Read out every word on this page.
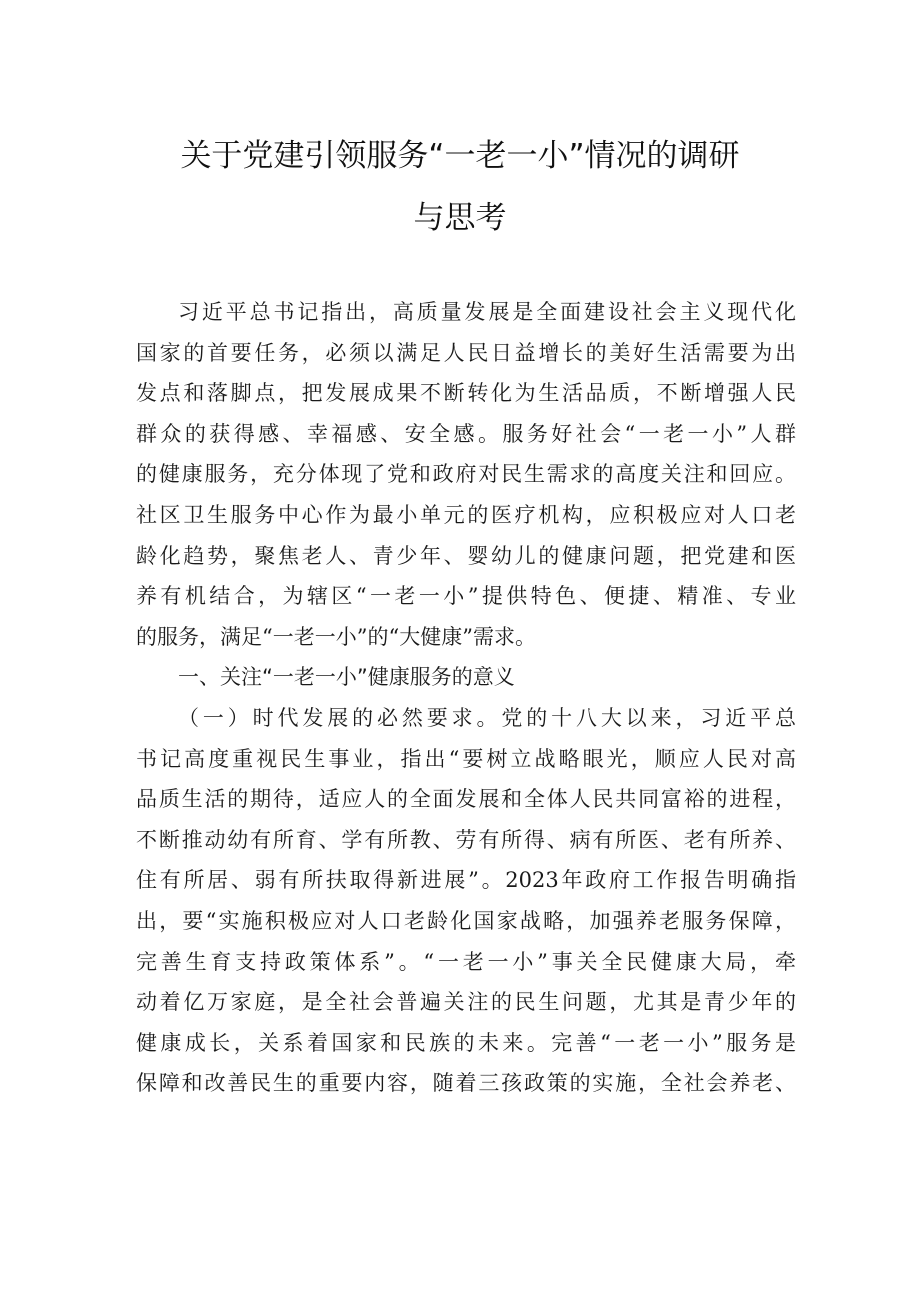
关于党建引领服务“一老一小”情况的调研
与思考
习近平总书记指出，高质量发展是全面建设社会主义现代化
国家的首要任务，必须以满足人民日益增长的美好生活需要为出
发点和落脚点，把发展成果不断转化为生活品质，不断增强人民
群众的获得感、幸福感、安全感。服务好社会“一老一小”人群
的健康服务，充分体现了党和政府对民生需求的高度关注和回应。
社区卫生服务中心作为最小单元的医疗机构，应积极应对人口老
龄化趋势，聚焦老人、青少年、婴幼儿的健康问题，把党建和医
养有机结合，为辖区“一老一小”提供特色、便捷、精准、专业
的服务，满足“一老一小”的“大健康”需求。
一、关注“一老一小”健康服务的意义
（一）时代发展的必然要求。党的十八大以来，习近平总
书记高度重视民生事业，指出“要树立战略眼光，顺应人民对高
品质生活的期待，适应人的全面发展和全体人民共同富裕的进程，
不断推动幼有所育、学有所教、劳有所得、病有所医、老有所养、
住有所居、弱有所扶取得新进展”。2023年政府工作报告明确指
出，要“实施积极应对人口老龄化国家战略，加强养老服务保障，
完善生育支持政策体系”。“一老一小”事关全民健康大局，牵
动着亿万家庭，是全社会普遍关注的民生问题，尤其是青少年的
健康成长，关系着国家和民族的未来。完善“一老一小”服务是
保障和改善民生的重要内容，随着三孩政策的实施，全社会养老、
